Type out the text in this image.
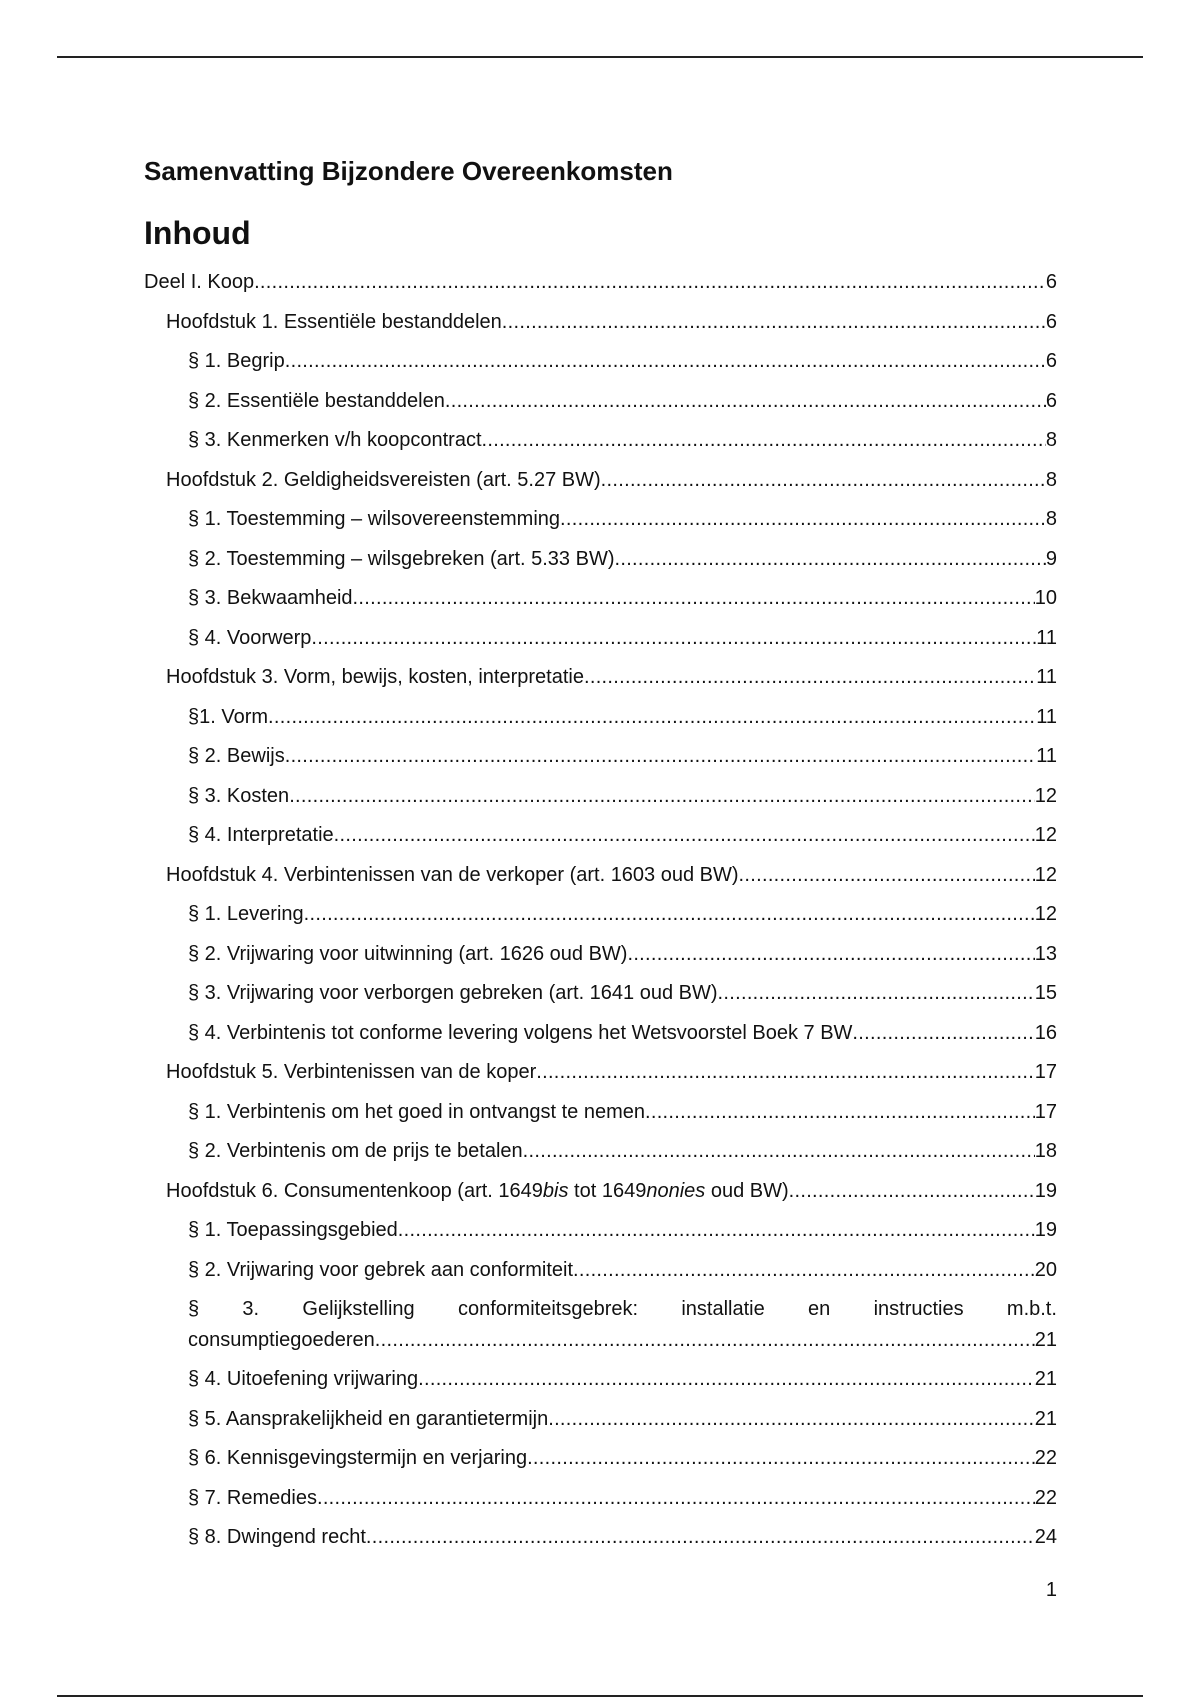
Samenvatting Bijzondere Overeenkomsten
Inhoud
Deel I. Koop .....	6
Hoofdstuk 1. Essentiële bestanddelen .....	6
§ 1. Begrip .....	6
§ 2. Essentiële bestanddelen .....	6
§ 3. Kenmerken v/h koopcontract .....	8
Hoofdstuk 2. Geldigheidsvereisten (art. 5.27 BW) .....	8
§ 1. Toestemming – wilsovereenstemming .....	8
§ 2. Toestemming – wilsgebreken (art. 5.33 BW) .....	9
§ 3. Bekwaamheid .....	10
§ 4. Voorwerp .....	11
Hoofdstuk 3. Vorm, bewijs, kosten, interpretatie .....	11
§1. Vorm .....	11
§ 2. Bewijs .....	11
§ 3. Kosten .....	12
§ 4. Interpretatie .....	12
Hoofdstuk 4. Verbintenissen van de verkoper (art. 1603 oud BW) .....	12
§ 1. Levering .....	12
§ 2. Vrijwaring voor uitwinning (art. 1626 oud BW) .....	13
§ 3. Vrijwaring voor verborgen gebreken (art. 1641 oud BW) .....	15
§ 4. Verbintenis tot conforme levering volgens het Wetsvoorstel Boek 7 BW .....	16
Hoofdstuk 5. Verbintenissen van de koper .....	17
§ 1. Verbintenis om het goed in ontvangst te nemen .....	17
§ 2. Verbintenis om de prijs te betalen .....	18
Hoofdstuk 6. Consumentenkoop (art. 1649bis tot 1649nonies oud BW) .....	19
§ 1. Toepassingsgebied .....	19
§ 2. Vrijwaring voor gebrek aan conformiteit .....	20
§ 3. Gelijkstelling conformiteitsgebrek: installatie en instructies m.b.t.
consumptiegoederen .....	21
§ 4. Uitoefening vrijwaring .....	21
§ 5. Aansprakelijkheid en garantietermijn .....	21
§ 6. Kennisgevingstermijn en verjaring .....	22
§ 7. Remedies .....	22
§ 8. Dwingend recht .....	24
1
